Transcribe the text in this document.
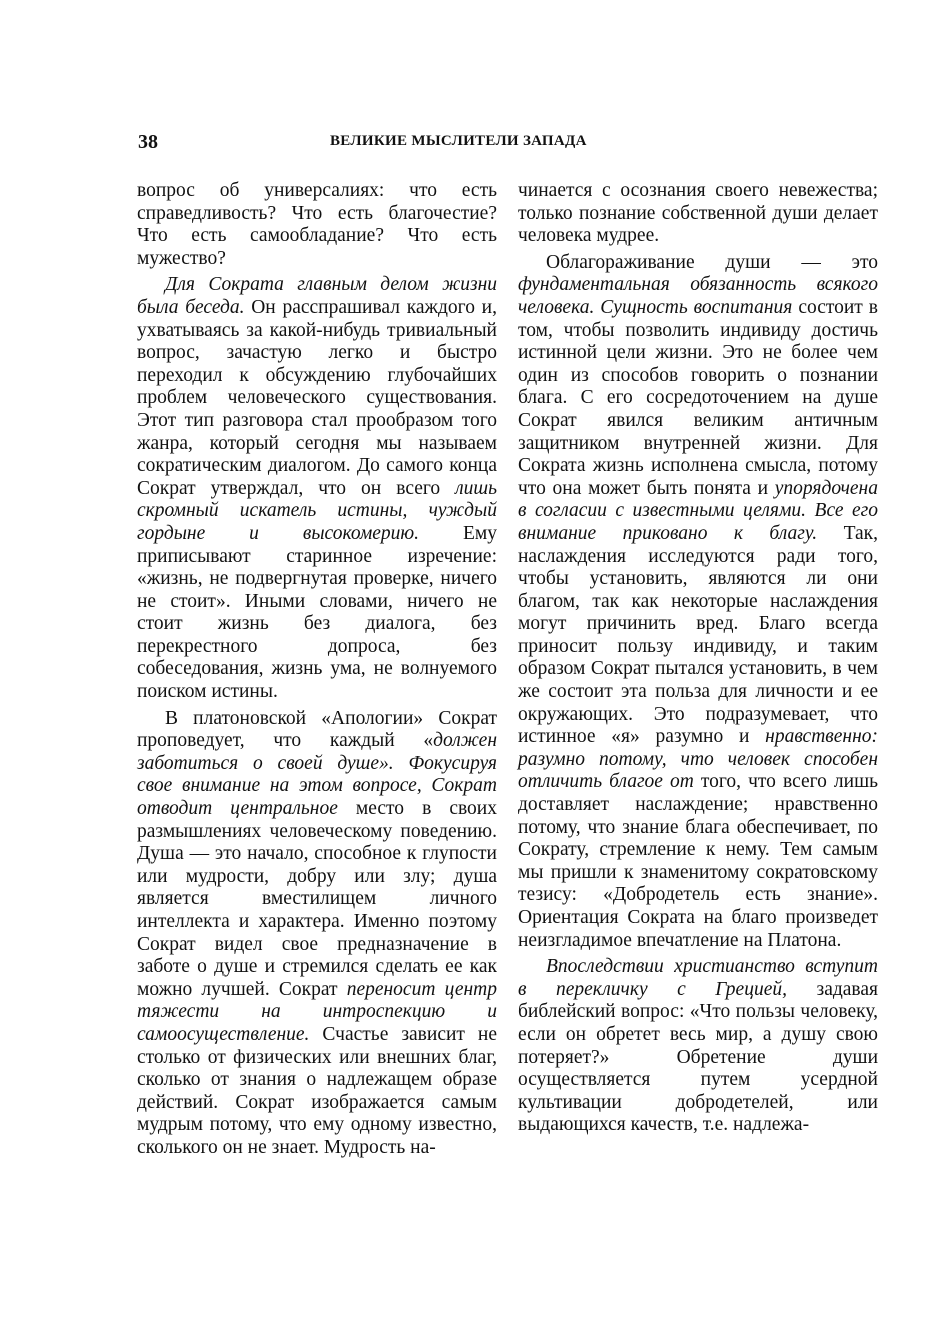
38	ВЕЛИКИЕ МЫСЛИТЕЛИ ЗАПАДА

вопрос об универсалиях: что есть справедливость? Что есть благочестие? Что есть самообладание? Что есть мужество?

Для Сократа главным делом жизни была беседа. Он расспрашивал каждого и, ухватываясь за какой-нибудь тривиальный вопрос, зачастую легко и быстро переходил к обсуждению глубочайших проблем человеческого существования. Этот тип разговора стал прообразом того жанра, который сегодня мы называем сократическим диалогом. До самого конца Сократ утверждал, что он всего лишь скромный искатель истины, чуждый гордыне и высокомерию. Ему приписывают старинное изречение: «жизнь, не подвергнутая проверке, ничего не стоит». Иными словами, ничего не стоит жизнь без диалога, без перекрестного допроса, без собеседования, жизнь ума, не волнуемого поиском истины.

В платоновской «Апологии» Сократ проповедует, что каждый «должен заботиться о своей душе». Фокусируя свое внимание на этом вопросе, Сократ отводит центральное место в своих размышлениях человеческому поведению. Душа — это начало, способное к глупости или мудрости, добру или злу; душа является вместилищем личного интеллекта и характера. Именно поэтому Сократ видел свое предназначение в заботе о душе и стремился сделать ее как можно лучшей. Сократ переносит центр тяжести на интроспекцию и самоосуществление. Счастье зависит не столько от физических или внешних благ, сколько от знания о надлежащем образе действий. Сократ изображается самым мудрым потому, что ему одному известно, сколького он не знает. Мудрость на-

чинается с осознания своего невежества; только познание собственной души делает человека мудрее.

Облагораживание души — это фундаментальная обязанность всякого человека. Сущность воспитания состоит в том, чтобы позволить индивиду достичь истинной цели жизни. Это не более чем один из способов говорить о познании блага. С его сосредоточением на душе Сократ явился великим античным защитником внутренней жизни. Для Сократа жизнь исполнена смысла, потому что она может быть понята и упорядочена в согласии с известными целями. Все его внимание приковано к благу. Так, наслаждения исследуются ради того, чтобы установить, являются ли они благом, так как некоторые наслаждения могут причинить вред. Благо всегда приносит пользу индивиду, и таким образом Сократ пытался установить, в чем же состоит эта польза для личности и ее окружающих. Это подразумевает, что истинное «я» разумно и нравственно: разумно потому, что человек способен отличить благое от того, что всего лишь доставляет наслаждение; нравственно потому, что знание блага обеспечивает, по Сократу, стремление к нему. Тем самым мы пришли к знаменитому сократовскому тезису: «Добродетель есть знание». Ориентация Сократа на благо произведет неизгладимое впечатление на Платона.

Впоследствии христианство вступит в перекличку с Грецией, задавая библейский вопрос: «Что пользы человеку, если он обретет весь мир, а душу свою потеряет?» Обретение души осуществляется путем усердной культивации добродетелей, или выдающихся качеств, т.е. надлежа-
